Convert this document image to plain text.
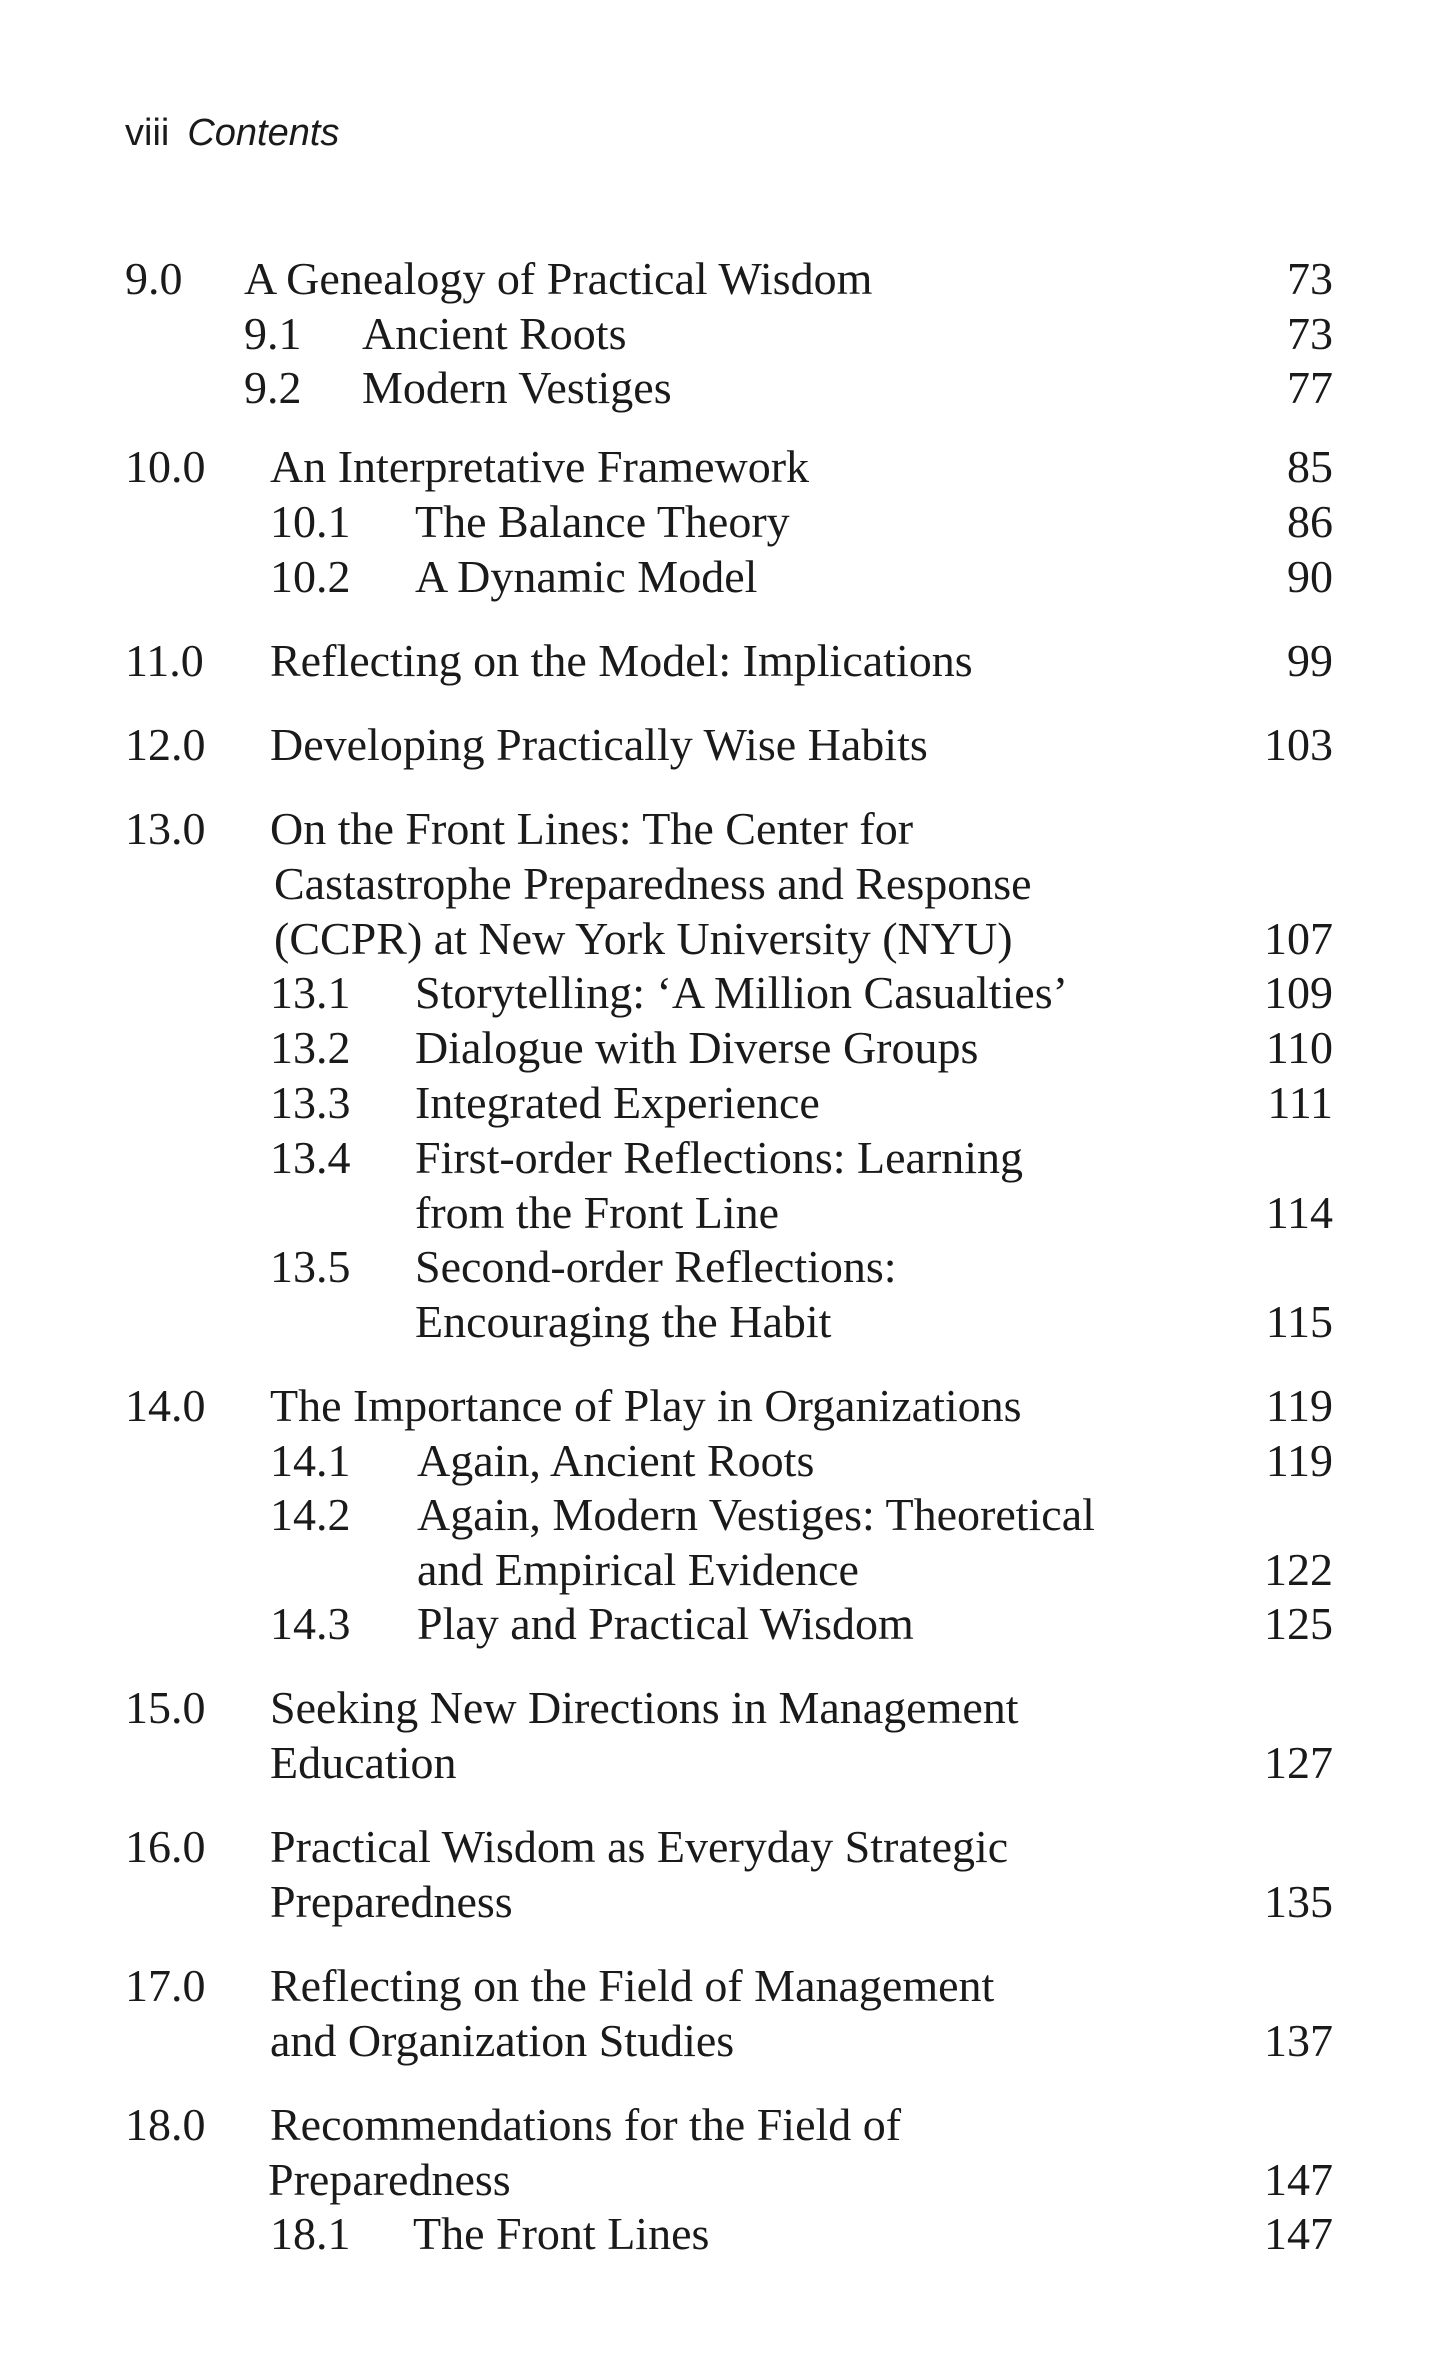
viii Contents
9.0 A Genealogy of Practical Wisdom	73
9.1 Ancient Roots	73
9.2 Modern Vestiges	77
10.0 An Interpretative Framework	85
10.1 The Balance Theory	86
10.2 A Dynamic Model	90
11.0 Reflecting on the Model: Implications	99
12.0 Developing Practically Wise Habits	103
13.0 On the Front Lines: The Center for
Castastrophe Preparedness and Response
(CCPR) at New York University (NYU)	107
13.1 Storytelling: ‘A Million Casualties’	109
13.2 Dialogue with Diverse Groups	110
13.3 Integrated Experience	111
13.4 First-order Reflections: Learning
from the Front Line	114
13.5 Second-order Reflections:
Encouraging the Habit	115
14.0 The Importance of Play in Organizations	119
14.1 Again, Ancient Roots	119
14.2 Again, Modern Vestiges: Theoretical
and Empirical Evidence	122
14.3 Play and Practical Wisdom	125
15.0 Seeking New Directions in Management
Education	127
16.0 Practical Wisdom as Everyday Strategic
Preparedness	135
17.0 Reflecting on the Field of Management
and Organization Studies	137
18.0 Recommendations for the Field of
Preparedness	147
18.1 The Front Lines	147
